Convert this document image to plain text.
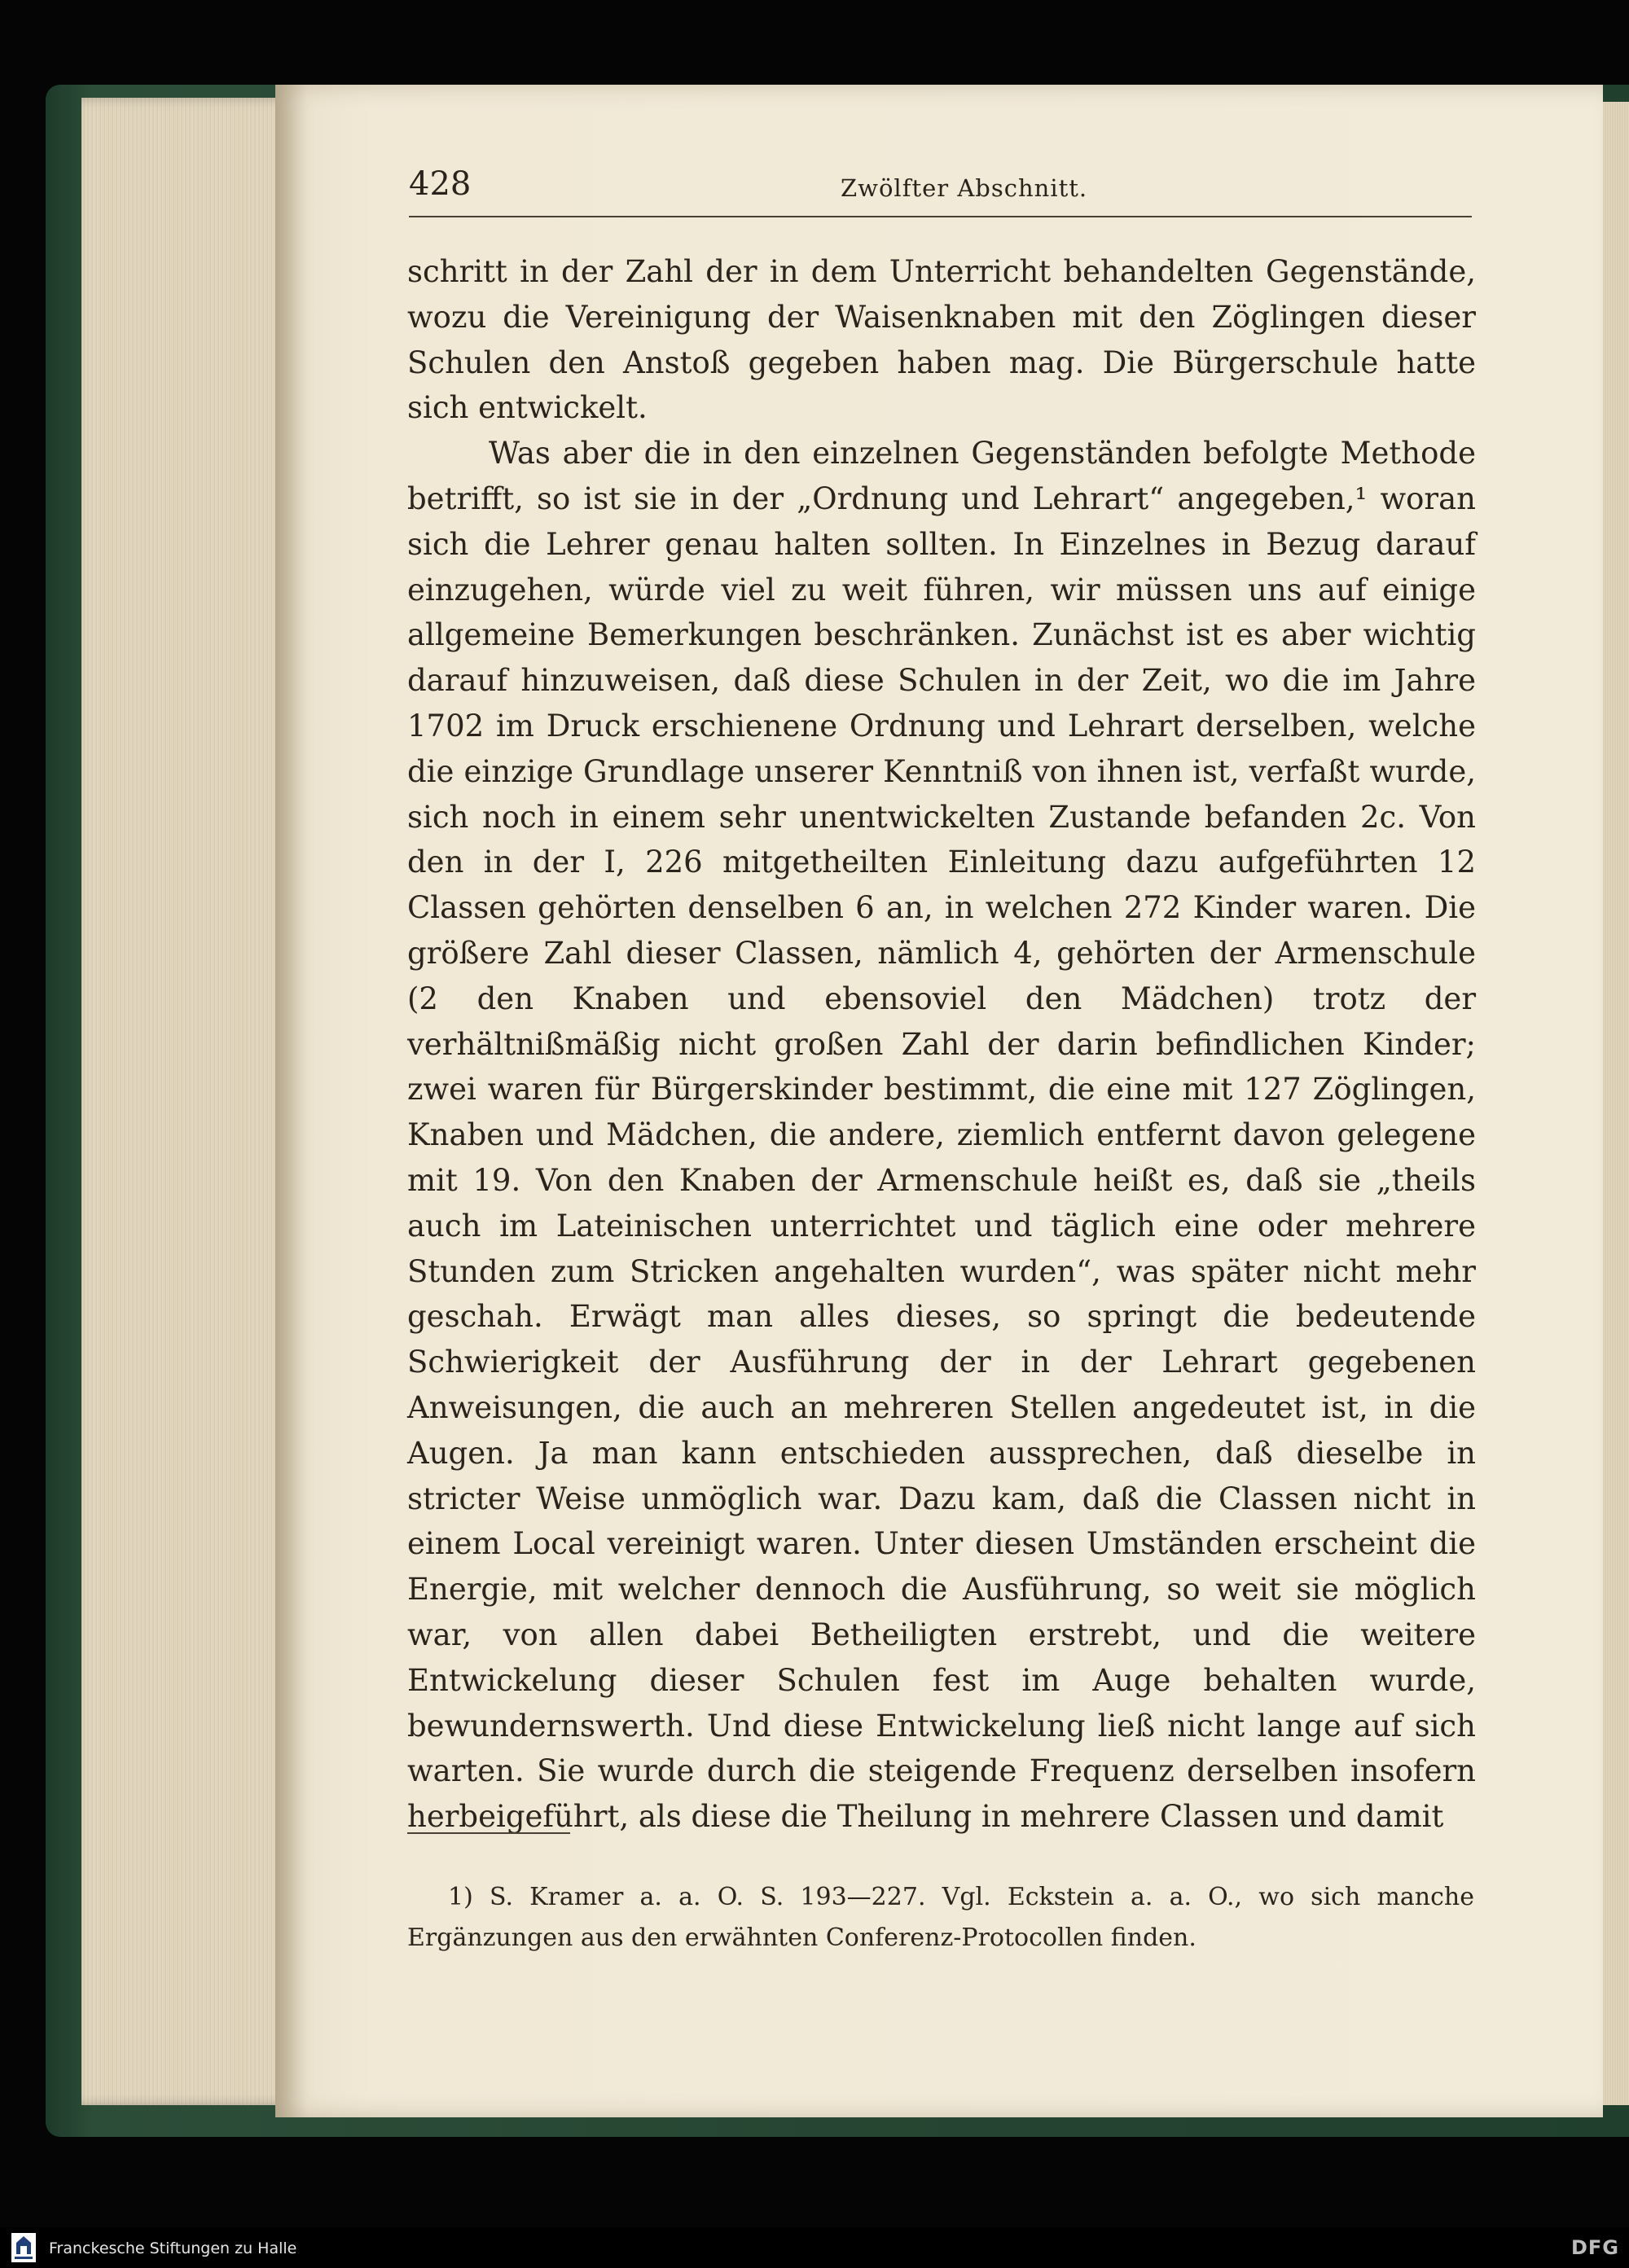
428	Zwölfter Abschnitt.

schritt in der Zahl der in dem Unterricht behandelten Gegenstände, wozu die Vereinigung der Waisenknaben mit den Zöglingen dieser Schulen den Anstoß gegeben haben mag. Die Bürgerschule hatte sich entwickelt.

Was aber die in den einzelnen Gegenständen befolgte Methode betrifft, so ist sie in der „Ordnung und Lehrart“ angegeben,¹ woran sich die Lehrer genau halten sollten. In Einzelnes in Bezug darauf einzugehen, würde viel zu weit führen, wir müssen uns auf einige allgemeine Bemerkungen beschränken. Zunächst ist es aber wichtig darauf hinzuweisen, daß diese Schulen in der Zeit, wo die im Jahre 1702 im Druck erschienene Ordnung und Lehrart derselben, welche die einzige Grundlage unserer Kenntniß von ihnen ist, verfaßt wurde, sich noch in einem sehr unentwickelten Zustande befanden 2c. Von den in der I, 226 mitgetheilten Einleitung dazu aufgeführten 12 Classen gehörten denselben 6 an, in welchen 272 Kinder waren. Die größere Zahl dieser Classen, nämlich 4, gehörten der Armenschule (2 den Knaben und ebensoviel den Mädchen) trotz der verhältnißmäßig nicht großen Zahl der darin befindlichen Kinder; zwei waren für Bürgerskinder bestimmt, die eine mit 127 Zöglingen, Knaben und Mädchen, die andere, ziemlich entfernt davon gelegene mit 19. Von den Knaben der Armenschule heißt es, daß sie „theils auch im Lateinischen unterrichtet und täglich eine oder mehrere Stunden zum Stricken angehalten wurden“, was später nicht mehr geschah. Erwägt man alles dieses, so springt die bedeutende Schwierigkeit der Ausführung der in der Lehrart gegebenen Anweisungen, die auch an mehreren Stellen angedeutet ist, in die Augen. Ja man kann entschieden aussprechen, daß dieselbe in stricter Weise unmöglich war. Dazu kam, daß die Classen nicht in einem Local vereinigt waren. Unter diesen Umständen erscheint die Energie, mit welcher dennoch die Ausführung, so weit sie möglich war, von allen dabei Betheiligten erstrebt, und die weitere Entwickelung dieser Schulen fest im Auge behalten wurde, bewundernswerth. Und diese Entwickelung ließ nicht lange auf sich warten. Sie wurde durch die steigende Frequenz derselben insofern herbeigeführt, als diese die Theilung in mehrere Classen und damit

1) S. Kramer a. a. O. S. 193—227. Vgl. Eckstein a. a. O., wo sich manche Ergänzungen aus den erwähnten Conferenz-Protocollen finden.

Franckesche Stiftungen zu Halle	DFG
